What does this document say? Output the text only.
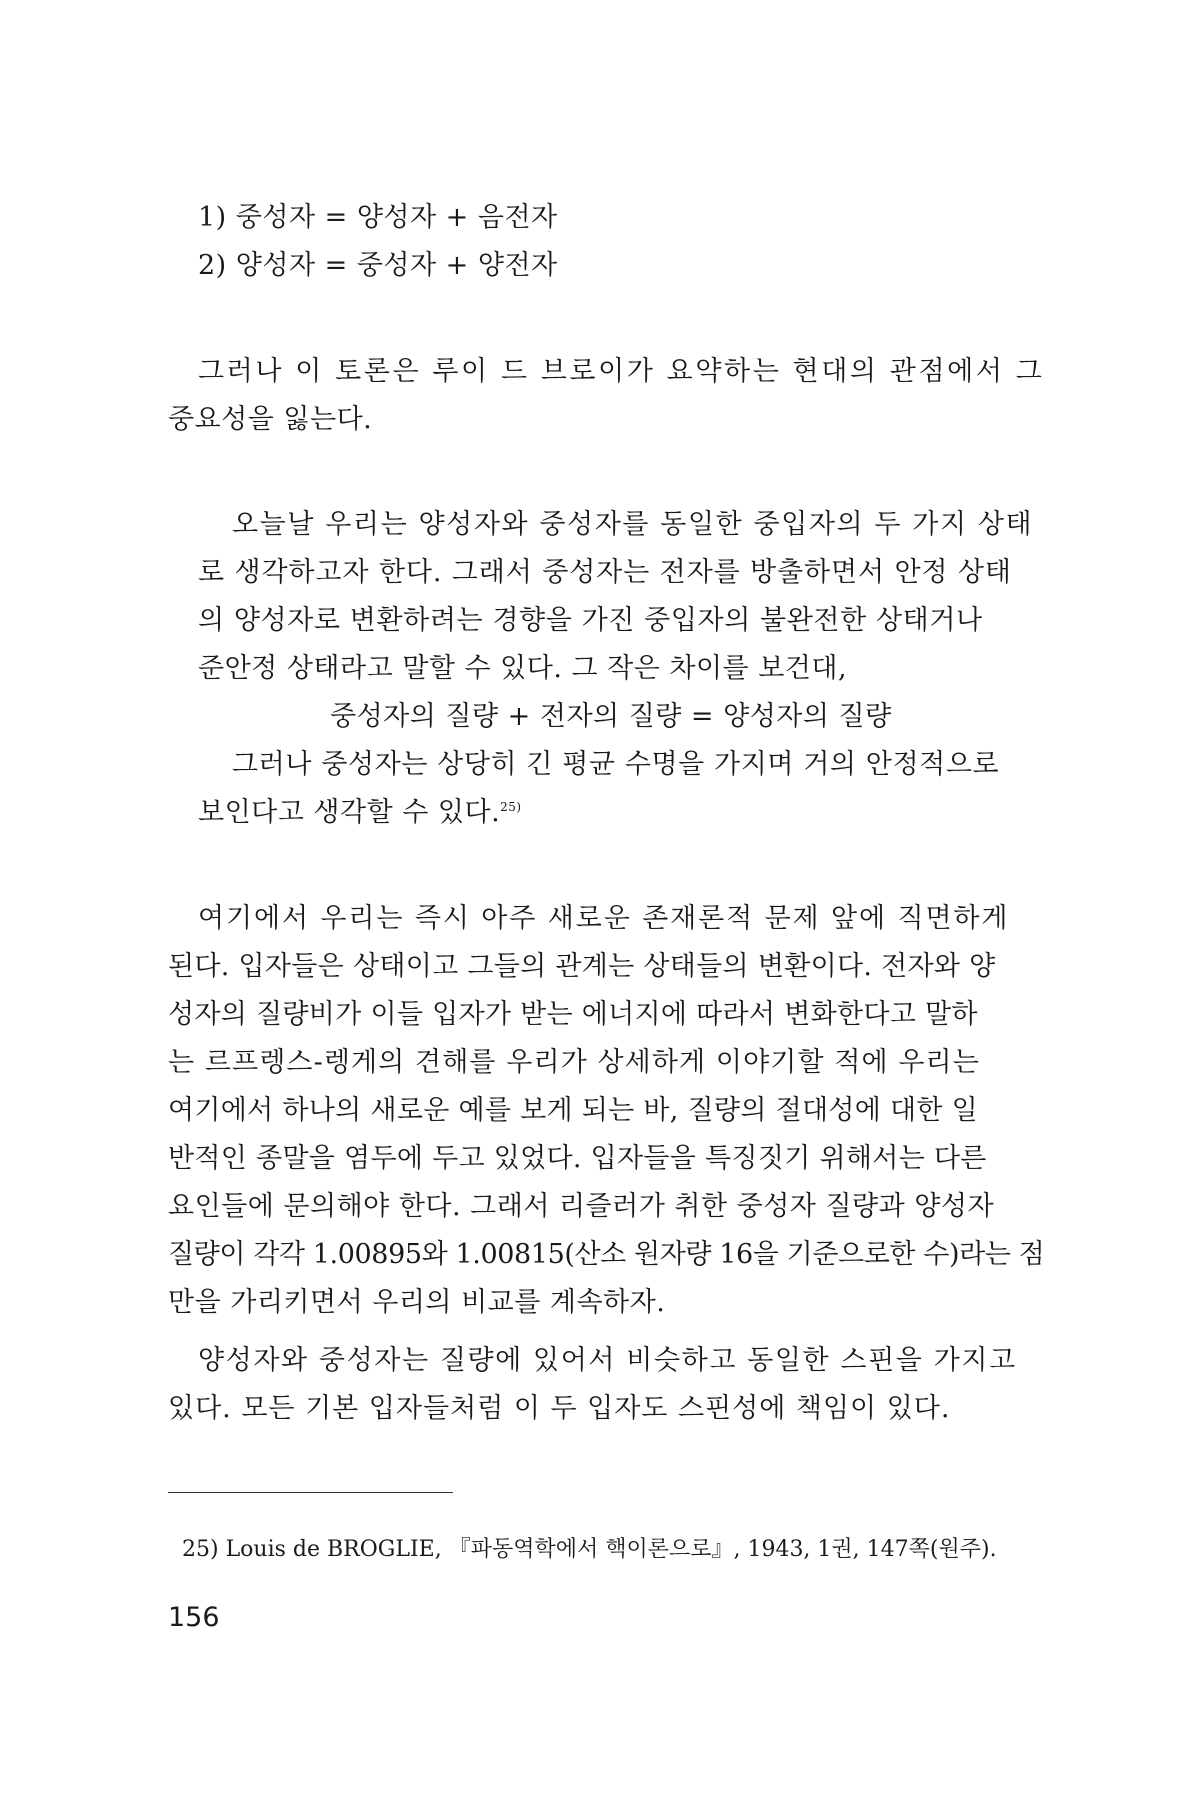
1) 중성자 = 양성자 + 음전자

2) 양성자 = 중성자 + 양전자

그러나 이 토론은 루이 드 브로이가 요약하는 현대의 관점에서 그

중요성을 잃는다.

오늘날 우리는 양성자와 중성자를 동일한 중입자의 두 가지 상태

로 생각하고자 한다. 그래서 중성자는 전자를 방출하면서 안정 상태

의 양성자로 변환하려는 경향을 가진 중입자의 불완전한 상태거나

준안정 상태라고 말할 수 있다. 그 작은 차이를 보건대,

중성자의 질량 + 전자의 질량 = 양성자의 질량

그러나 중성자는 상당히 긴 평균 수명을 가지며 거의 안정적으로

보인다고 생각할 수 있다.$^{25)}$

여기에서 우리는 즉시 아주 새로운 존재론적 문제 앞에 직면하게

된다. 입자들은 상태이고 그들의 관계는 상태들의 변환이다. 전자와 양

성자의 질량비가 이들 입자가 받는 에너지에 따라서 변화한다고 말하

는 르프렝스-렝게의 견해를 우리가 상세하게 이야기할 적에 우리는

여기에서 하나의 새로운 예를 보게 되는 바, 질량의 절대성에 대한 일

반적인 종말을 염두에 두고 있었다. 입자들을 특징짓기 위해서는 다른

요인들에 문의해야 한다. 그래서 리즐러가 취한 중성자 질량과 양성자

질량이 각각 1.00895와 1.00815(산소 원자량 16을 기준으로한 수)라는 점

만을 가리키면서 우리의 비교를 계속하자.

양성자와 중성자는 질량에 있어서 비슷하고 동일한 스핀을 가지고

있다. 모든 기본 입자들처럼 이 두 입자도 스핀성에 책임이 있다.

25) Louis de BROGLIE, 『파동역학에서 핵이론으로』, 1943, 1권, 147쪽(원주).

156
